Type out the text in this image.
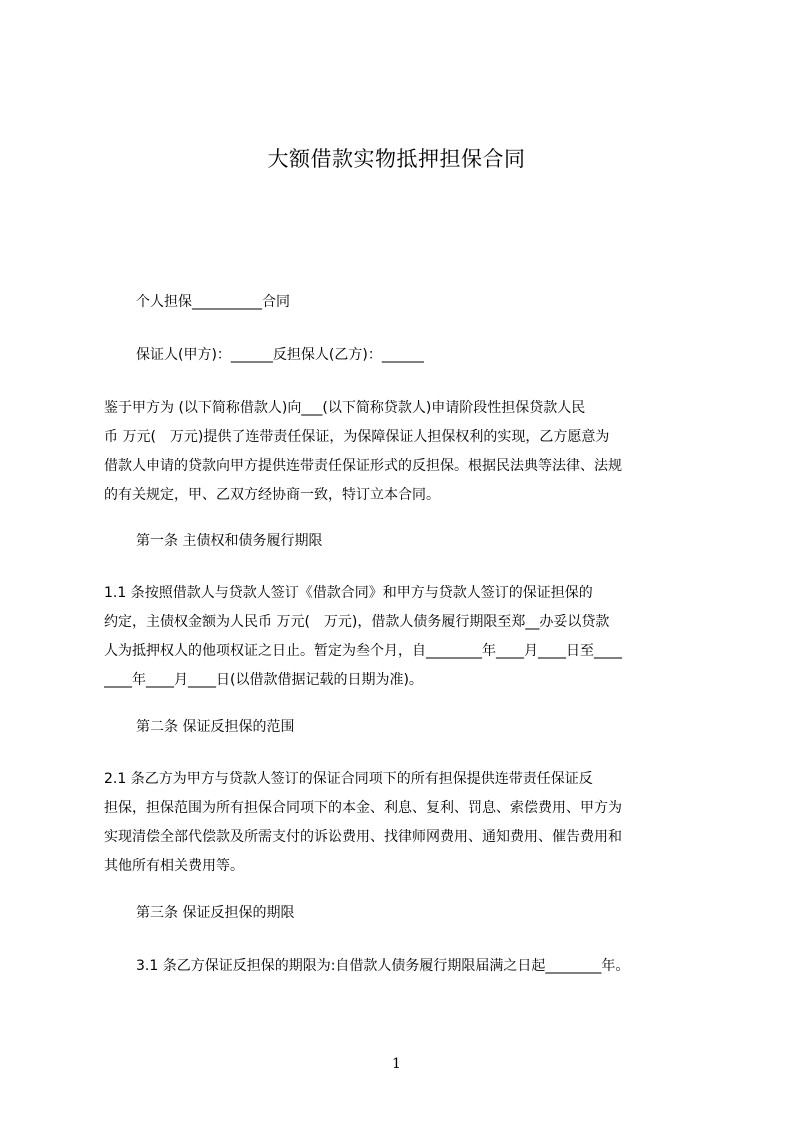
大额借款实物抵押担保合同
个人担保__________合同
保证人(甲方)：______反担保人(乙方)：______
鉴于甲方为 (以下简称借款人)向___(以下简称贷款人)申请阶段性担保贷款人民
币 万元(　万元)提供了连带责任保证，为保障保证人担保权利的实现，乙方愿意为
借款人申请的贷款向甲方提供连带责任保证形式的反担保。根据民法典等法律、法规
的有关规定，甲、乙双方经协商一致，特订立本合同。
第一条 主债权和债务履行期限
1.1 条按照借款人与贷款人签订《借款合同》和甲方与贷款人签订的保证担保的
约定，主债权金额为人民币 万元(　万元)，借款人债务履行期限至郑__办妥以贷款
人为抵押权人的他项权证之日止。暂定为叁个月，自________年____月____日至____
____年____月____日(以借款借据记载的日期为准)。
第二条 保证反担保的范围
2.1 条乙方为甲方与贷款人签订的保证合同项下的所有担保提供连带责任保证反
担保，担保范围为所有担保合同项下的本金、利息、复利、罚息、索偿费用、甲方为
实现清偿全部代偿款及所需支付的诉讼费用、找律师网费用、通知费用、催告费用和
其他所有相关费用等。
第三条 保证反担保的期限
3.1 条乙方保证反担保的期限为:自借款人债务履行期限届满之日起________年。
1
